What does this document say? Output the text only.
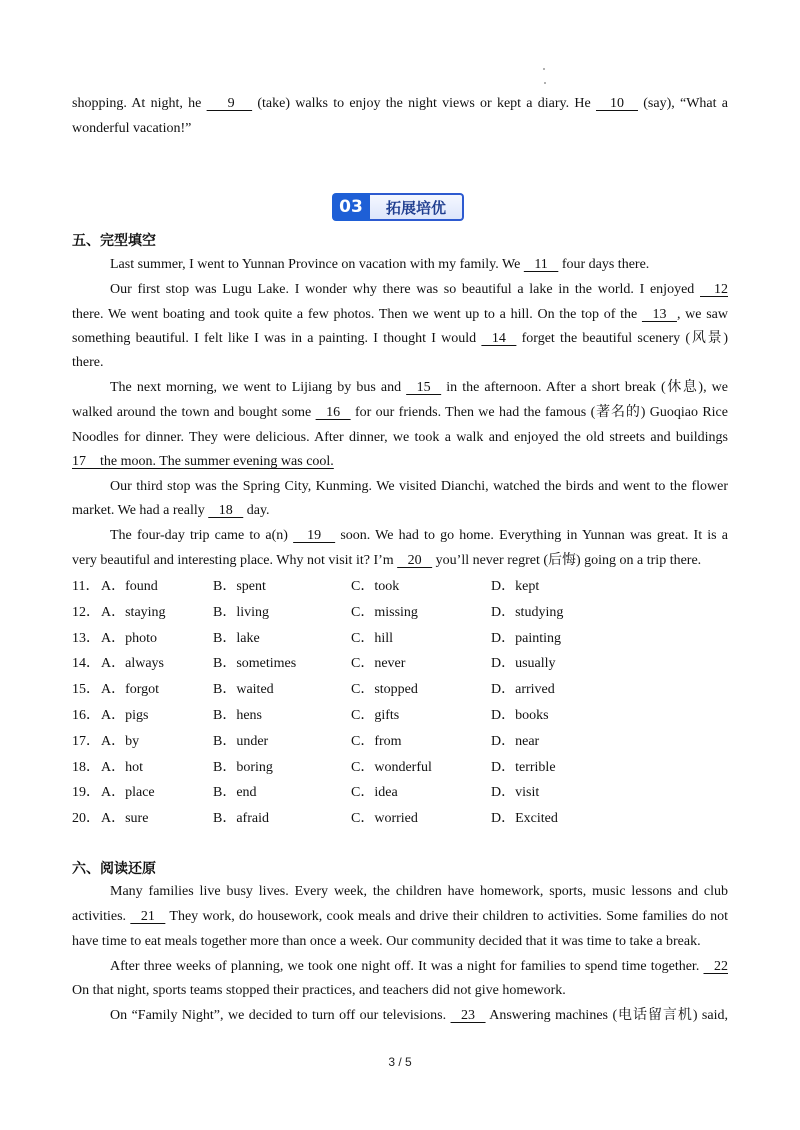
shopping. At night, he       9      (take) walks to enjoy the night views or kept a diary. He     10     (say), “What a
wonderful vacation!”
03	拓展培优
五、完型填空
Last summer, I went to Yunnan Province on vacation with my family. We    11    four days there.
Our first stop was Lugu Lake. I wonder why there was so beautiful a lake in the world. I enjoyed     12
there. We went boating and took quite a few photos. Then we went up to a hill. On the top of the    13   , we saw
something beautiful. I felt like I was in a painting. I thought I would    14    forget the beautiful scenery (风景)
there.
The next morning, we went to Lijiang by bus and    15    in the afternoon. After a short break (休息), we
walked around the town and bought some    16    for our friends. Then we had the famous (著名的) Guoqiao Rice
Noodles for dinner. They were delicious. After dinner, we took a walk and enjoyed the old streets and buildings
17    the moon. The summer evening was cool.
Our third stop was the Spring City, Kunming. We visited Dianchi, watched the birds and went to the flower
market. We had a really    18    day.
The four-day trip came to a(n)     19     soon. We had to go home. Everything in Yunnan was great. It is a
very beautiful and interesting place. Why not visit it? I’m    20    you’ll never regret (后悔) going on a trip there.
11． A．found	B．spent	C．took	D．kept
12． A．staying	B．living	C．missing	D．studying
13． A．photo	B．lake	C．hill	D．painting
14． A．always	B．sometimes	C．never	D．usually
15． A．forgot	B．waited	C．stopped	D．arrived
16． A．pigs	B．hens	C．gifts	D．books
17． A．by	B．under	C．from	D．near
18． A．hot	B．boring	C．wonderful	D．terrible
19． A．place	B．end	C．idea	D．visit
20． A．sure	B．afraid	C．worried	D．Excited
六、阅读还原
Many families live busy lives. Every week, the children have homework, sports, music lessons and club
activities.    21    They work, do housework, cook meals and drive their children to activities. Some families do not
have time to eat meals together more than once a week. Our community decided that it was time to take a break.
After three weeks of planning, we took one night off. It was a night for families to spend time together.    22
On that night, sports teams stopped their practices, and teachers did not give homework.
On “Family Night”, we decided to turn off our televisions.    23    Answering machines (电话留言机) said,
3 / 5
